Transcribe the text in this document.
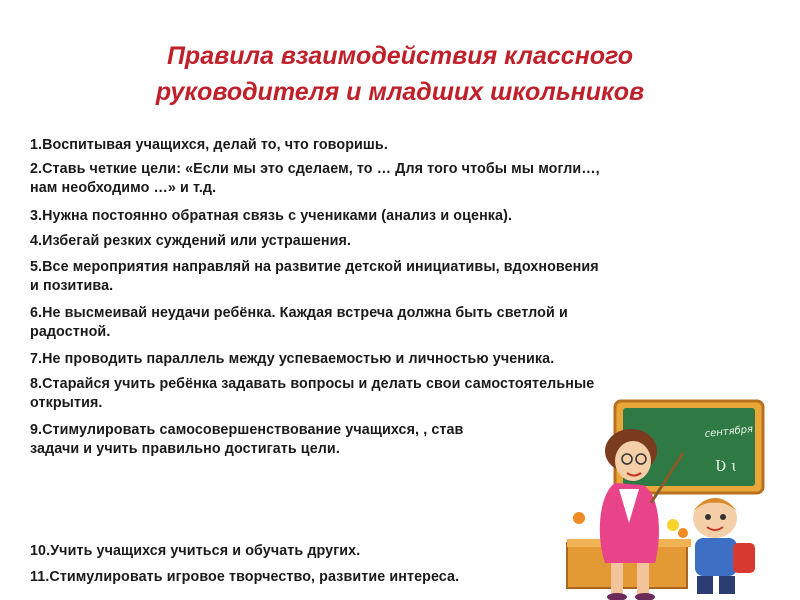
Правила взаимодействия классного
руководителя и младших школьников
1.Воспитывая учащихся, делай то, что говоришь.
2.Ставь четкие цели: «Если мы это сделаем, то … Для того чтобы мы могли…,
нам необходимо …» и т.д.
3.Нужна постоянно обратная связь с учениками (анализ и оценка).
4.Избегай резких суждений или устрашения.
5.Все мероприятия направляй на развитие детской инициативы, вдохновения
и позитива.
6.Не высмеивай неудачи ребёнка. Каждая встреча должна быть светлой и
радостной.
7.Не проводить параллель между успеваемостью и личностью ученика.
8.Старайся учить ребёнка задавать вопросы и делать свои самостоятельные
открытия.
9.Стимулировать самосовершенствование учащихся, , став
задачи и учить правильно достигать цели.
10.Учить учащихся учиться и обучать других.
11.Стимулировать игровое творчество, развитие интереса.
сентября
Ʋ ɩ
